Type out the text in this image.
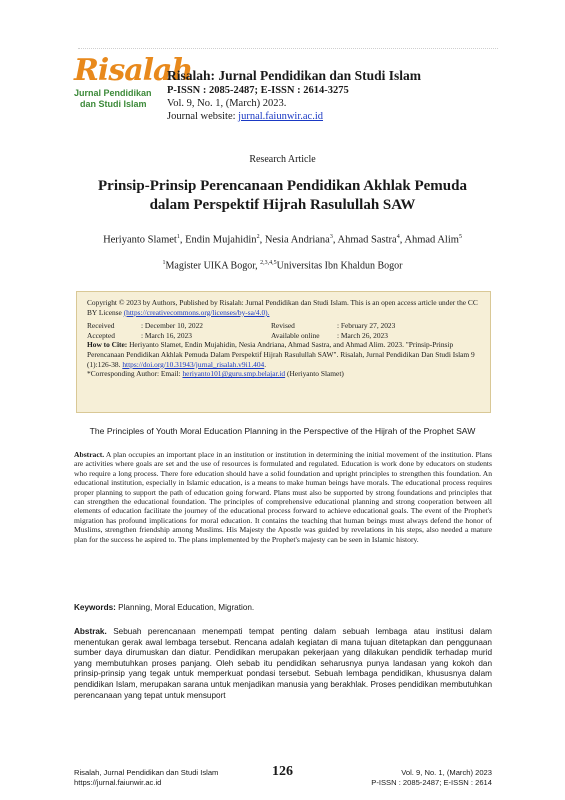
Risalah
Jurnal Pendidikan
dan Studi Islam
Risalah: Jurnal Pendidikan dan Studi Islam
P-ISSN : 2085-2487; E-ISSN : 2614-3275
Vol. 9, No. 1, (March) 2023.
Journal website: jurnal.faiunwir.ac.id
Research Article
Prinsip-Prinsip Perencanaan Pendidikan Akhlak Pemuda
dalam Perspektif Hijrah Rasulullah SAW
Heriyanto Slamet$^1$, Endin Mujahidin$^2$, Nesia Andriana$^3$, Ahmad Sastra$^4$, Ahmad Alim$^5$
$^1$Magister UIKA Bogor, $^{2,3,4,5}$Universitas Ibn Khaldun Bogor

Copyright © 2023 by Authors, Published by Risalah: Jurnal Pendidikan dan Studi Islam. This is an open access article under the CC BY License (https://creativecommons.org/licenses/by-sa/4.0).

Received	: December 10, 2022	Revised	: February 27, 2023
Accepted	: March 16, 2023	Available online	: March 26, 2023

How to Cite: Heriyanto Slamet, Endin Mujahidin, Nesia Andriana, Ahmad Sastra, and Ahmad Alim. 2023. "Prinsip-Prinsip Perencanaan Pendidikan Akhlak Pemuda Dalam Perspektif Hijrah Rasulullah SAW". Risalah, Jurnal Pendidikan Dan Studi Islam 9 (1):126-38. https://doi.org/10.31943/jurnal_risalah.v9i1.404.

*Corresponding Author: Email: heriyanto101@guru.smp.belajar.id (Heriyanto Slamet)

The Principles of Youth Moral Education Planning in the Perspective of the Hijrah of the Prophet SAW
Abstract. A plan occupies an important place in an institution or institution in determining the initial movement of the institution. Plans are activities where goals are set and the use of resources is formulated and regulated. Education is work done by educators on students who require a long process. There fore education should have a solid foundation and upright principles to strengthen this foundation. An educational institution, especially in Islamic education, is a means to make human beings have morals. The educational process requires proper planning to support the path of education going forward. Plans must also be supported by strong foundations and principles that can strengthen the educational foundation. The principles of comprehensive educational planning and strong cooperation between all elements of education facilitate the journey of the educational process forward to achieve educational goals. The event of the Prophet's migration has profound implications for moral education. It contains the teaching that human beings must always defend the honor of Muslims, strengthen friendship among Muslims. His Majesty the Apostle was guided by revelations in his steps, also needed a mature plan for the success he aspired to. The plans implemented by the Prophet's majesty can be seen in Islamic history.
Keywords: Planning, Moral Education, Migration.
Abstrak. Sebuah perencanaan menempati tempat penting dalam sebuah lembaga atau institusi dalam menentukan gerak awal lembaga tersebut. Rencana adalah kegiatan di mana tujuan ditetapkan dan penggunaan sumber daya dirumuskan dan diatur. Pendidikan merupakan pekerjaan yang dilakukan pendidik terhadap murid yang membutuhkan proses panjang. Oleh sebab itu pendidikan seharusnya punya landasan yang kokoh dan prinsip-prinsip yang tegak untuk memperkuat pondasi tersebut. Sebuah lembaga pendidikan, khususnya dalam pendidikan Islam, merupakan sarana untuk menjadikan manusia yang berakhlak. Proses pendidikan membutuhkan perencanaan yang tepat untuk mensuport
Risalah, Jurnal Pendidikan dan Studi Islam
https://jurnal.faiunwir.ac.id
126	Vol. 9, No. 1, (March) 2023
P-ISSN : 2085-2487; E-ISSN : 2614
